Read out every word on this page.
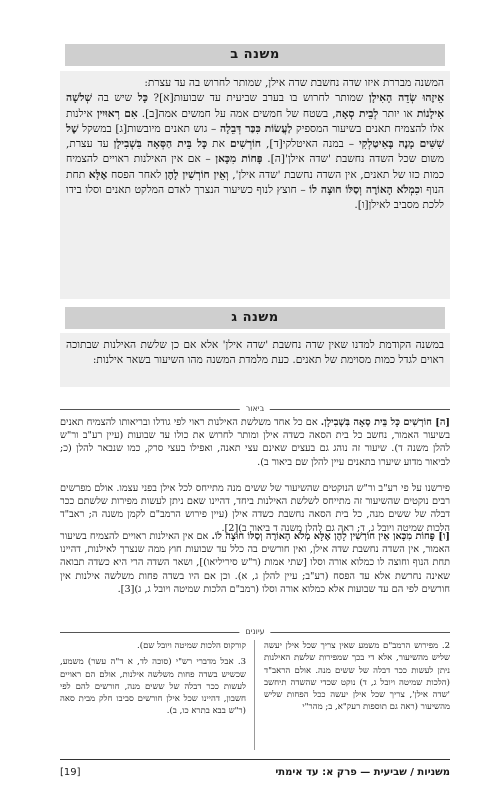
משנה ב

המשנה מבררת איזו שדה נחשבת שדה אילן, שמותר לחרוש בה עד עצרת:

אֵיזֶהוּ שְׂדֵה הָאִילָן שמותר לחרוש בו בערב שביעית עד שבועות[א]? כָּל שיש בה שְׁלשָׁה אִילָנוֹת או יותר לְבֵית סְאָה, בשטח של חמשים אמה על חמשים אמה[ב]. אִם רְאוּיִין אילנות אלו להצמיח תאנים בשיעור המספיק לַעֲשׂוֹת כִּכַּר דְּבֵלָה – גוש תאנים מיובשות[ג] במשקל שֶׁל שִׁשִּׁים מָנֶה בָּאִיטַלְקִי – במנה האיטלקי[ד], חוֹרְשִׁים את כָּל בֵּית הַסְּאָה בִּשְׁבִילָן עד עצרת, משום שכל השדה נחשבת 'שדה אילן'[ה]. פָּחוֹת מִכָּאן – אם אין האילנות ראויים להצמיח כמות כזו של תאנים, אין השדה נחשבת 'שדה אילן', וְאֵין חוֹרְשִׁין לָהֶן לאחר הפסח אֶלָּא תחת הנוף וכִמְלֹא הָאוֹרֶה וְסַלּוֹ חוּצָה לוֹ – חוצץ לנוף כשיעור הנצרך לאדם המלקט תאנים וסלו בידו ללכת מסביב לאילן[ו].

משנה ג

במשנה הקודמת למדנו שאין שדה נחשבת 'שדה אילן' אלא אם כן שלשת האילנות שבתוכה ראוים לגדל כמות מסוימת של תאנים. כעת מלמדת המשנה מהו השיעור בשאר אילנות:

ביאור

[ה] חוֹרְשִׁים כָּל בֵּית סְאָה בִּשְׁבִילָן. אם כל אחד משלשת האילנות ראוי לפי גודלו ובריאותו להצמיח תאנים בשיעור האמור, נחשב כל בית הסאה כשדה אילן ומותר לחרוש את כולו עד שבועות (עיין רע"ב ור"ש להלן משנה ד). שיעור זה נוהג גם בעצים שאינם עצי תאנה, ואפילו בעצי סרק, כמו שנבאר להלן (כ; לביאור מדוע שיערו בתאנים עיין להלן שם ביאור ב).

פירשנו על פי רע"ב ור"ש הנוקטים שהשיעור של ששים מנה מתייחס לכל אילן בפני עצמו. אולם מפרשים רבים נוקטים שהשיעור זה מתייחס לשלשת האילנות ביחד, דהיינו שאם ניתן לעשות מפירות שלשתם ככר דבלה של ששים מנה, כל בית הסאה נחשבת כשדה אילן (עיין פירוש הרמב"ם לקמן משנה ה; ראב"ד הלכות שמיטה ויובל ג, ד; ראה גם להלן משנה ד ביאור ב)[2].

[ו] פָּחוֹת מִכָּאן אֵין חוֹרְשִׁין לָהֶן אֶלָּא מְלֹא הָאוֹרֶה וְסַלּוֹ חוּצָה לוֹ. אם אין האילנות ראויים להצמיח בשיעור האמור, אין השדה נחשבת שדה אילן, ואין חורשים בה כלל עד שבועות חוץ ממה שנצרך לאילנות, דהיינו תחת הנוף וחוצה לו כמלוא אורה וסלו [שתי אמות (ר"ש סיריליאו)], ושאר השדה הרי היא כשדה תבואה שאינה נחרשת אלא עד הפסח (רע"ב; עיין להלן ג, א). וכן אם היו בשדה פחות משלשה אילנות אין חורשים לפי הם עד שבועות אלא כמלוא אורה וסלו (רמב"ם הלכות שמיטה ויובל ג, ג)[3].

עיונים
2. מפירוש הרמב"ם משמע שאין צריך שכל אילן יעשה שליש מהשיעור, אלא די בכך שמפירות שלשת האילנות ניתן לעשות ככר דבלה של ששים מנה. אולם הראב"ד (הלכות שמיטה ויובל ג, ד) נוקט שכדי שהשדה תיחשב 'שדה אילן', צריך שכל אילן יעשה ככל הפחות שליש מהשיעור (ראה גם תוספות רעק"א, ב; מהר"י

קורקוס הלכות שמיטה ויובל שם).

3. אבל מדברי רש"י (סוכה לד, א ד"ה עשר) משמע, שכשיש בשדה פחות משלשה אילנות, אולם הם ראויים לעשות ככר דבלה של ששים מנה, חורשים להם לפי חשבון, דהיינו שכל אילן חורשים סביבו חלק מבית סאה (ר"ש בבא בתרא כו, ב).

משניות / שביעית — פרק א: עד אימתי
[19]
